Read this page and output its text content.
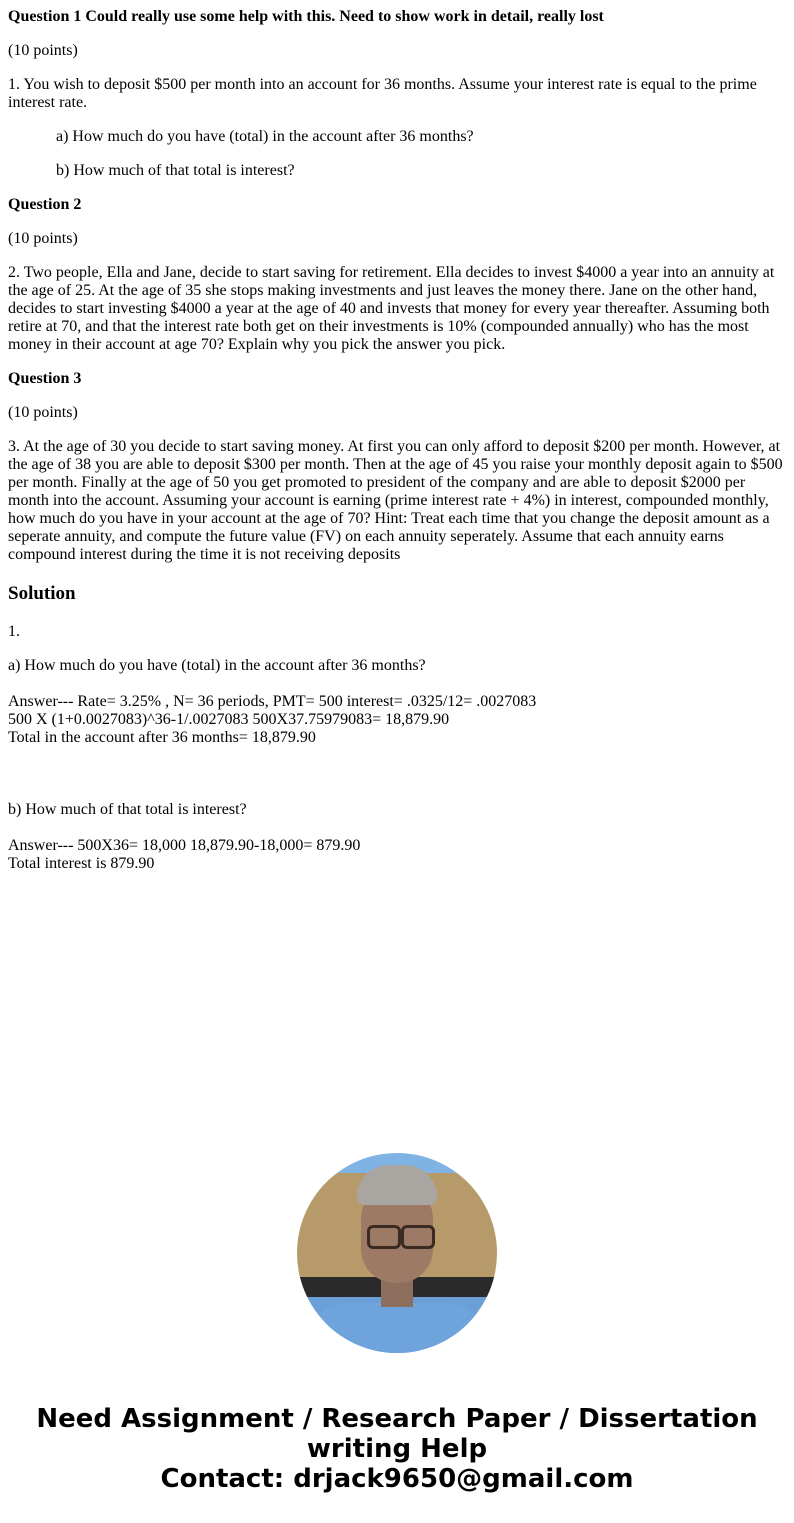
Question 1 Could really use some help with this. Need to show work in detail, really lost

(10 points)

1. You wish to deposit $500 per month into an account for 36 months. Assume your interest rate is equal to the prime interest rate.

a) How much do you have (total) in the account after 36 months?

b) How much of that total is interest?

Question 2

(10 points)

2. Two people, Ella and Jane, decide to start saving for retirement. Ella decides to invest $4000 a year into an annuity at the age of 25. At the age of 35 she stops making investments and just leaves the money there. Jane on the other hand, decides to start investing $4000 a year at the age of 40 and invests that money for every year thereafter. Assuming both retire at 70, and that the interest rate both get on their investments is 10% (compounded annually) who has the most money in their account at age 70? Explain why you pick the answer you pick.

Question 3

(10 points)

3. At the age of 30 you decide to start saving money. At first you can only afford to deposit $200 per month. However, at the age of 38 you are able to deposit $300 per month. Then at the age of 45 you raise your monthly deposit again to $500 per month. Finally at the age of 50 you get promoted to president of the company and are able to deposit $2000 per month into the account. Assuming your account is earning (prime interest rate + 4%) in interest, compounded monthly, how much do you have in your account at the age of 70? Hint: Treat each time that you change the deposit amount as a seperate annuity, and compute the future value (FV) on each annuity seperately. Assume that each annuity earns compound interest during the time it is not receiving deposits

Solution

1.

a) How much do you have (total) in the account after 36 months?

Answer--- Rate= 3.25% , N= 36 periods, PMT= 500 interest= .0325/12= .0027083
500 X (1+0.0027083)^36-1/.0027083 500X37.75979083= 18,879.90
Total in the account after 36 months= 18,879.90

b) How much of that total is interest?

Answer--- 500X36= 18,000 18,879.90-18,000= 879.90
Total interest is 879.90
Need Assignment / Research Paper / Dissertation
writing Help
Contact: drjack9650@gmail.com
